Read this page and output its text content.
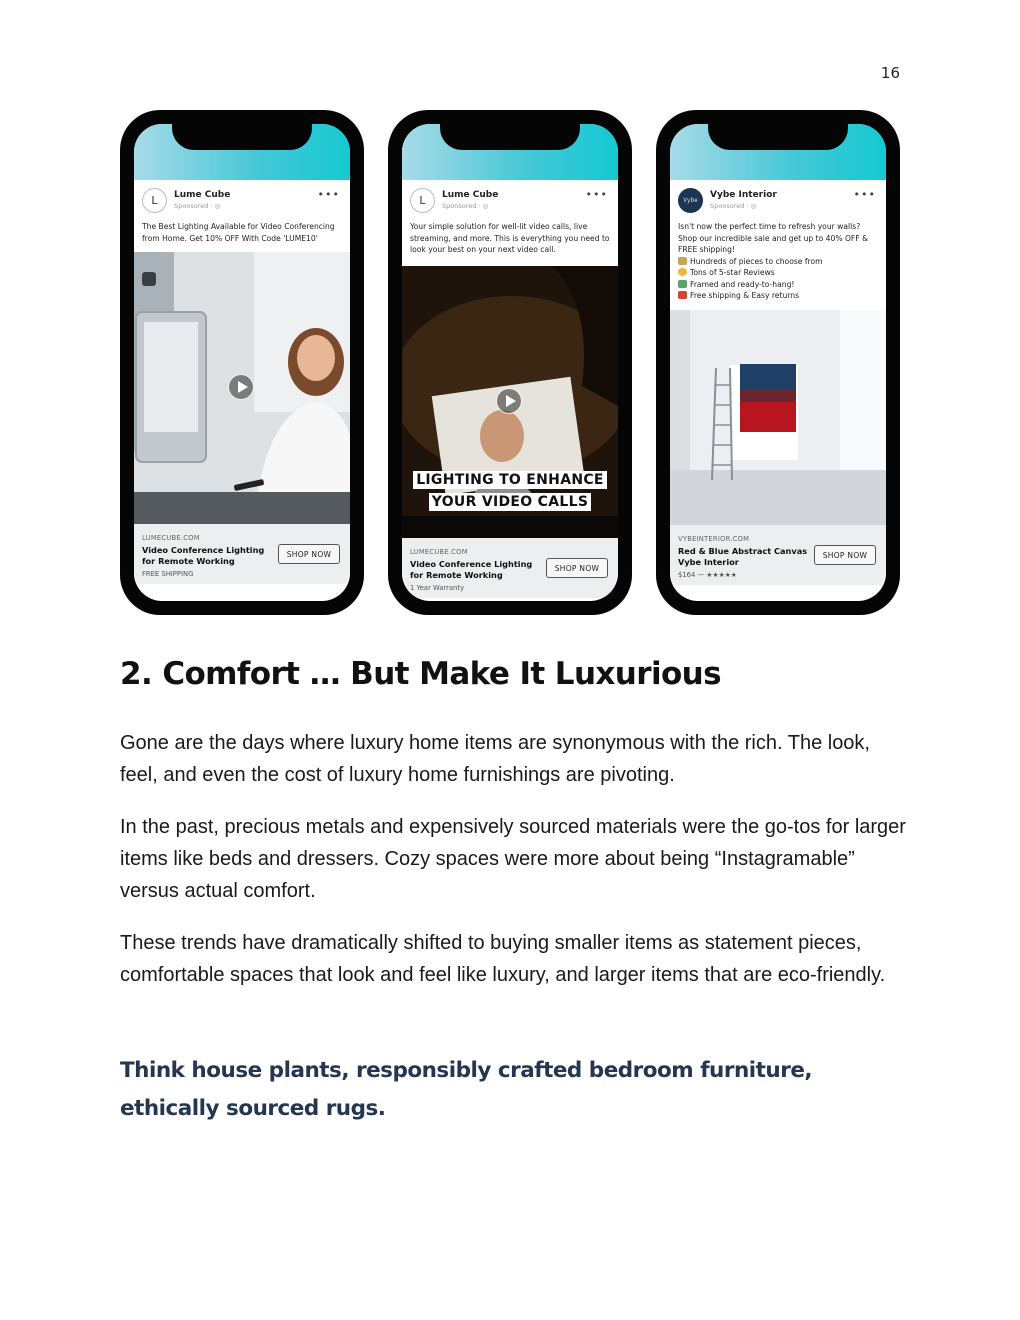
16
L	Lume Cube
Sponsored · ◎
•••
The Best Lighting Available for Video Conferencing from Home. Get 10% OFF With Code 'LUME10'
LUMECUBE.COM
Video Conference Lighting for Remote Working
FREE SHIPPING
SHOP NOW
L	Lume Cube
Sponsored · ◎
•••
Your simple solution for well-lit video calls, live streaming, and more. This is everything you need to look your best on your next video call.
LIGHTING TO ENHANCE
YOUR VIDEO CALLS
LUMECUBE.COM
Video Conference Lighting for Remote Working
1 Year Warranty
SHOP NOW
Vybe
Vybe Interior
Sponsored · ◎
•••
Isn't now the perfect time to refresh your walls? Shop our incredible sale and get up to 40% OFF & FREE shipping!
Hundreds of pieces to choose from
Tons of 5-star Reviews
Framed and ready-to-hang!
Free shipping & Easy returns
VYBEINTERIOR.COM
Red & Blue Abstract Canvas Vybe Interior
$164 — ★★★★★
SHOP NOW
2. Comfort … But Make It Luxurious

Gone are the days where luxury home items are synonymous with the rich. The look, feel, and even the cost of luxury home furnishings are pivoting.

In the past, precious metals and expensively sourced materials were the go-tos for larger items like beds and dressers. Cozy spaces were more about being “Instagramable” versus actual comfort.

These trends have dramatically shifted to buying smaller items as statement pieces, comfortable spaces that look and feel like luxury, and larger items that are eco-friendly.

Think house plants, responsibly crafted bedroom furniture, ethically sourced rugs.
